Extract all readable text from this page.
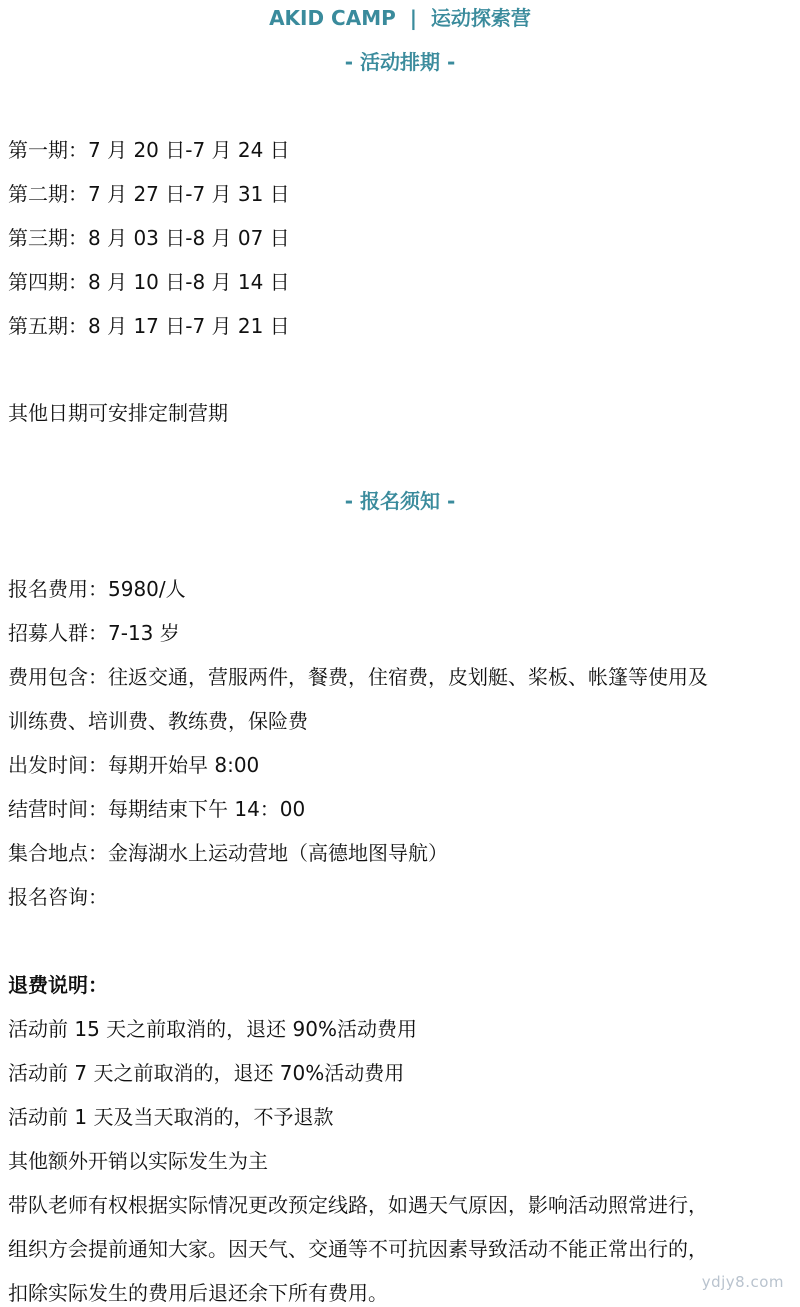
AKID CAMP  |  运动探索营
- 活动排期 -
第一期：7 月 20 日-7 月 24 日
第二期：7 月 27 日-7 月 31 日
第三期：8 月 03 日-8 月 07 日
第四期：8 月 10 日-8 月 14 日
第五期：8 月 17 日-7 月 21 日
其他日期可安排定制营期
- 报名须知 -
报名费用：5980/人
招募人群：7-13 岁
费用包含：往返交通，营服两件，餐费，住宿费，皮划艇、桨板、帐篷等使用及
训练费、培训费、教练费，保险费
出发时间：每期开始早 8:00
结营时间：每期结束下午 14：00
集合地点：金海湖水上运动营地（高德地图导航）
报名咨询：
退费说明：
活动前 15 天之前取消的，退还 90%活动费用
活动前 7 天之前取消的，退还 70%活动费用
活动前 1 天及当天取消的，不予退款
其他额外开销以实际发生为主
带队老师有权根据实际情况更改预定线路，如遇天气原因，影响活动照常进行，
组织方会提前通知大家。因天气、交通等不可抗因素导致活动不能正常出行的，
扣除实际发生的费用后退还余下所有费用。	ydjy8.com
